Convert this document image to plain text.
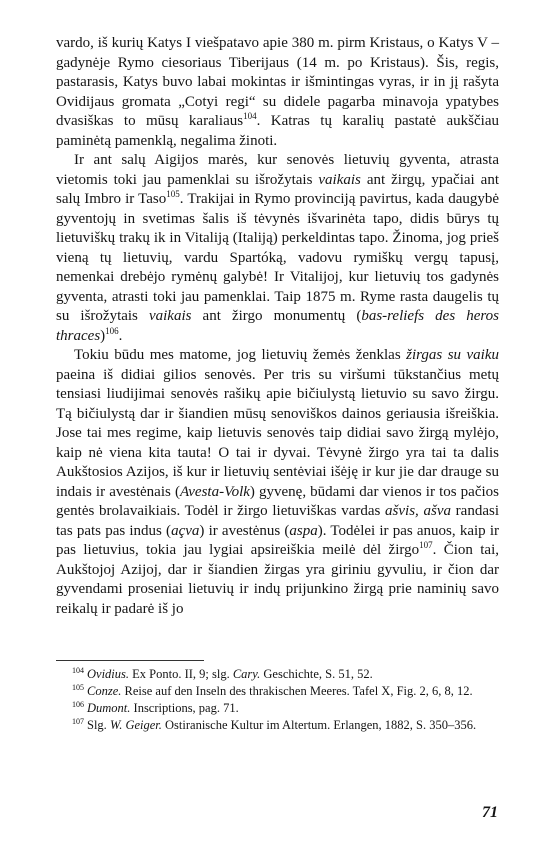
vardo, iš kurių Katys I viešpatavo apie 380 m. pirm Kristaus, o Katys V – gadynėje Rymo ciesoriaus Tiberijaus (14 m. po Kristaus). Šis, regis, pastarasis, Katys buvo labai mokintas ir išmintingas vyras, ir in jį rašyta Ovidijaus gromata „Cotyi regi“ su didele pagarba minavoja ypatybes dvasiškas to mūsų karaliaus$^{104}$. Katras tų karalių pastatė aukščiau paminėtą pamenklą, negalima žinoti.

Ir ant salų Aigijos marės, kur senovės lietuvių gyventa, atrasta vietomis toki jau pamenklai su išrožytais vaikais ant žirgų, ypačiai ant salų Imbro ir Taso$^{105}$. Trakijai in Rymo provinciją pavirtus, kada daugybė gyventojų in svetimas šalis iš tėvynės išvarinėta tapo, didis būrys tų lietuviškų trakų ik in Vitaliją (Italiją) perkeldintas tapo. Žinoma, jog prieš vieną tų lietuvių, vardu Spartóką, vadovu rymiškų vergų tapusį, nemenkai drebėjo rymėnų galybė! Ir Vitalijoj, kur lietuvių tos gadynės gyventa, atrasti toki jau pamenklai. Taip 1875 m. Ryme rasta daugelis tų su išrožytais vaikais ant žirgo monumentų (bas-reliefs des heros thraces)$^{106}$.

Tokiu būdu mes matome, jog lietuvių žemės ženklas žirgas su vaiku paeina iš didiai gilios senovės. Per tris su viršumi tūkstančius metų tensiasi liudijimai senovės rašikų apie bičiulystą lietuvio su savo žirgu. Tą bičiulystą dar ir šiandien mūsų senoviškos dainos geriausia išreiškia. Jose tai mes regime, kaip lietuvis senovės taip didiai savo žirgą mylėjo, kaip nė viena kita tauta! O tai ir dyvai. Tėvynė žirgo yra tai ta dalis Aukštosios Azijos, iš kur ir lietuvių sentėviai išėję ir kur jie dar drauge su indais ir avestėnais (Avesta-Volk) gyvenę, būdami dar vienos ir tos pačios gentės brolavaikiais. Todėl ir žirgo lietuviškas vardas ašvis, ašva randasi tas pats pas indus (açva) ir avestėnus (aspa). Todėlei ir pas anuos, kaip ir pas lietuvius, tokia jau lygiai apsireiškia meilė dėl žirgo$^{107}$. Čion tai, Aukštojoj Azijoj, dar ir šiandien žirgas yra giriniu gyvuliu, ir čion dar gyvendami proseniai lietuvių ir indų prijunkino žirgą prie naminių savo reikalų ir padarė iš jo

$^{104}$ Ovidius. Ex Ponto. II, 9; slg. Cary. Geschichte, S. 51, 52.
$^{105}$ Conze. Reise auf den Inseln des thrakischen Meeres. Tafel X, Fig. 2, 6, 8, 12.
$^{106}$ Dumont. Inscriptions, pag. 71.
$^{107}$ Slg. W. Geiger. Ostiranische Kultur im Altertum. Erlangen, 1882, S. 350–356.
71
